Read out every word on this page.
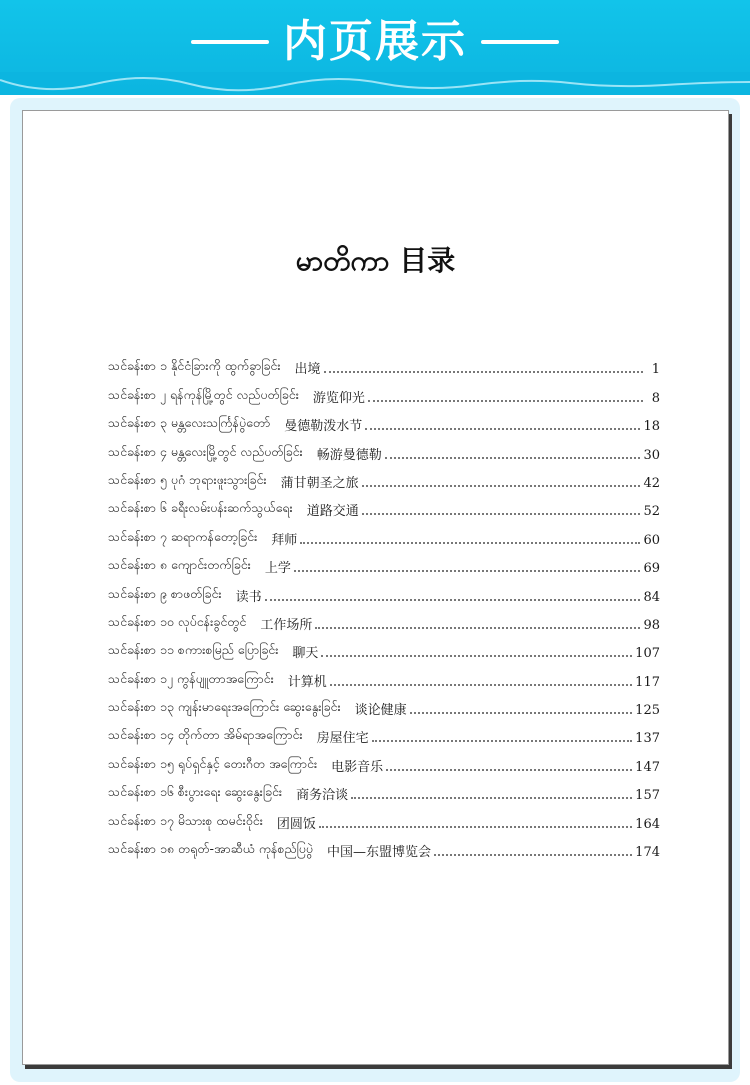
内页展示
မာတိကာ 目录
သင်ခန်းစာ ၁ နိုင်ငံခြားကို ထွက်ခွာခြင်း 出境	1
သင်ခန်းစာ ၂ ရန်ကုန်မြို့တွင် လည်ပတ်ခြင်း 游览仰光	8
သင်ခန်းစာ ၃ မန္တလေးသင်္ကြန်ပွဲတော် 曼德勒泼水节	18
သင်ခန်းစာ ၄ မန္တလေးမြို့တွင် လည်ပတ်ခြင်း 畅游曼德勒	30
သင်ခန်းစာ ၅ ပုဂံ ဘုရားဖူးသွားခြင်း 蒲甘朝圣之旅	42
သင်ခန်းစာ ၆ ခရီးလမ်းပန်းဆက်သွယ်ရေး 道路交通	52
သင်ခန်းစာ ၇ ဆရာကန်တော့ခြင်း 拜师	60
သင်ခန်းစာ ၈ ကျောင်းတက်ခြင်း 上学	69
သင်ခန်းစာ ၉ စာဖတ်ခြင်း 读书	84
သင်ခန်းစာ ၁၀ လုပ်ငန်းခွင်တွင် 工作场所	98
သင်ခန်းစာ ၁၁ စကားစမြည် ပြောခြင်း 聊天	107
သင်ခန်းစာ ၁၂ ကွန်ပျူတာအကြောင်း 计算机	117
သင်ခန်းစာ ၁၃ ကျန်းမာရေးအကြောင်း ဆွေးနွေးခြင်း 谈论健康	125
သင်ခန်းစာ ၁၄ တိုက်တာ အိမ်ရာအကြောင်း 房屋住宅	137
သင်ခန်းစာ ၁၅ ရုပ်ရှင်နှင့် တေးဂီတ အကြောင်း 电影音乐	147
သင်ခန်းစာ ၁၆ စီးပွားရေး ဆွေးနွေးခြင်း 商务洽谈	157
သင်ခန်းစာ ၁၇ မိသားစု ထမင်းဝိုင်း 团圆饭	164
သင်ခန်းစာ ၁၈ တရုတ်-အာဆီယံ ကုန်စည်ပြပွဲ 中国—东盟博览会	174
